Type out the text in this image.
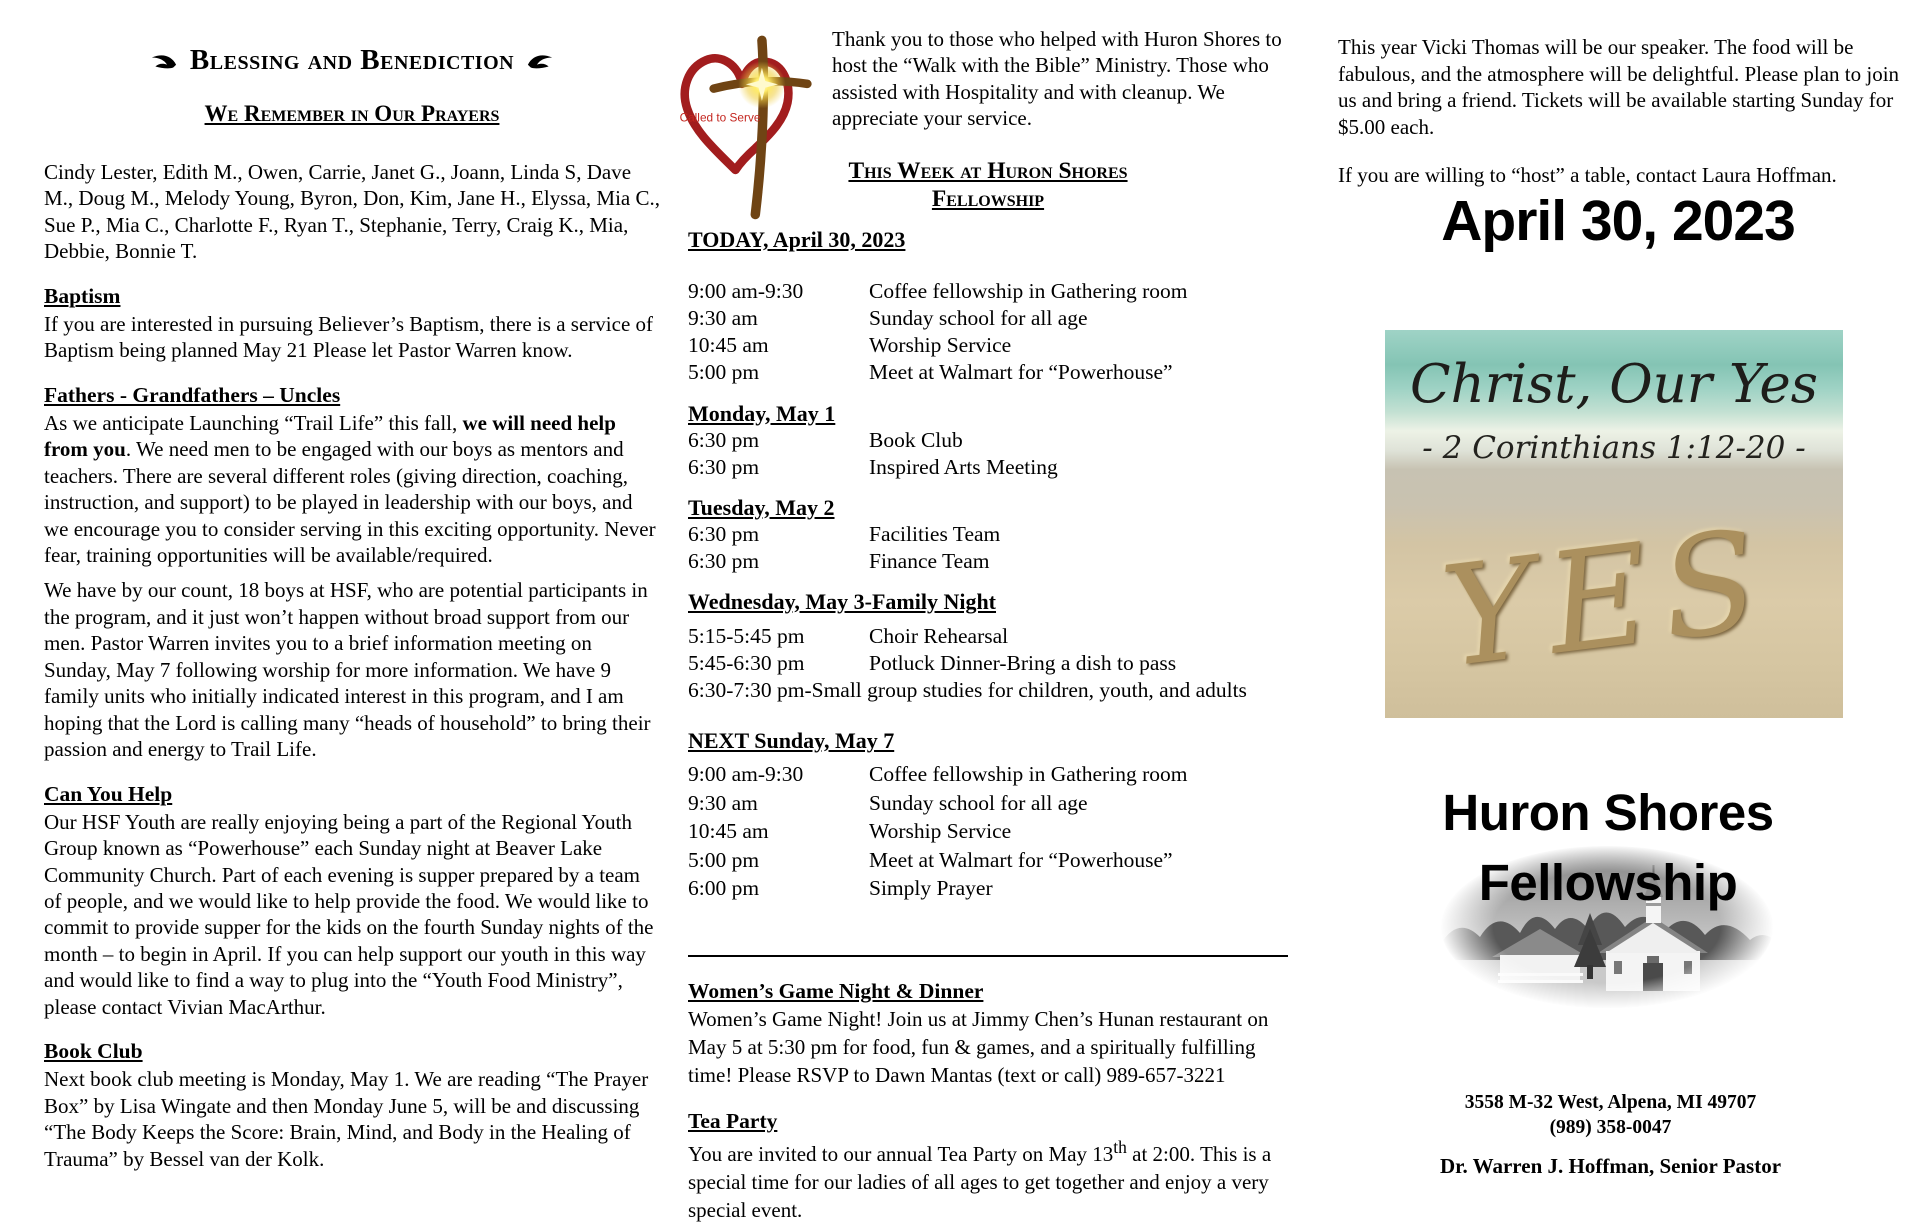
Blessing and Benediction
We Remember in Our Prayers

Cindy Lester, Edith M., Owen, Carrie, Janet G., Joann, Linda S, Dave M., Doug M., Melody Young, Byron, Don, Kim, Jane H., Elyssa, Mia C., Sue P., Mia C., Charlotte F., Ryan T., Stephanie, Terry, Craig K., Mia, Debbie, Bonnie T.

Baptism

If you are interested in pursuing Believer’s Baptism, there is a service of Baptism being planned May 21 Please let Pastor Warren know.

Fathers - Grandfathers – Uncles

As we anticipate Launching “Trail Life” this fall, we will need help from you. We need men to be engaged with our boys as mentors and teachers. There are several different roles (giving direction, coaching, instruction, and support) to be played in leadership with our boys, and we encourage you to consider serving in this exciting opportunity. Never fear, training opportunities will be available/required.

We have by our count, 18 boys at HSF, who are potential participants in the program, and it just won’t happen without broad support from our men. Pastor Warren invites you to a brief information meeting on Sunday, May 7 following worship for more information. We have 9 family units who initially indicated interest in this program, and I am hoping that the Lord is calling many “heads of household” to bring their passion and energy to Trail Life.

Can You Help

Our HSF Youth are really enjoying being a part of the Regional Youth Group known as “Powerhouse” each Sunday night at Beaver Lake Community Church. Part of each evening is supper prepared by a team of people, and we would like to help provide the food. We would like to commit to provide supper for the kids on the fourth Sunday nights of the month – to begin in April. If you can help support our youth in this way and would like to find a way to plug into the “Youth Food Ministry”, please contact Vivian MacArthur.

Book Club

Next book club meeting is Monday, May 1. We are reading “The Prayer Box” by Lisa Wingate and then Monday June 5, will be and discussing “The Body Keeps the Score: Brain, Mind, and Body in the Healing of Trauma” by Bessel van der Kolk.

Called to Serve

Thank you to those who helped with Huron Shores to host the “Walk with the Bible” Ministry. Those who assisted with Hospitality and with cleanup. We appreciate your service.

This Week at Huron Shores
Fellowship
TODAY, April 30, 2023
9:00 am-9:30	Coffee fellowship in Gathering room
9:30 am	Sunday school for all age
10:45 am	Worship Service
5:00 pm	Meet at Walmart for “Powerhouse”
Monday, May 1
6:30 pm	Book Club
6:30 pm	Inspired Arts Meeting
Tuesday, May 2
6:30 pm	Facilities Team
6:30 pm	Finance Team
Wednesday, May 3-Family Night
5:15-5:45 pm	Choir Rehearsal
5:45-6:30 pm	Potluck Dinner-Bring a dish to pass
6:30-7:30 pm-Small group studies for children, youth, and adults
NEXT Sunday, May 7
9:00 am-9:30	Coffee fellowship in Gathering room
9:30 am	Sunday school for all age
10:45 am	Worship Service
5:00 pm	Meet at Walmart for “Powerhouse”
6:00 pm	Simply Prayer
Women’s Game Night & Dinner

Women’s Game Night! Join us at Jimmy Chen’s Hunan restaurant on May 5 at 5:30 pm for food, fun & games, and a spiritually fulfilling time! Please RSVP to Dawn Mantas (text or call) 989-657-3221

Tea Party

You are invited to our annual Tea Party on May 13th at 2:00. This is a special time for our ladies of all ages to get together and enjoy a very special event.

This year Vicki Thomas will be our speaker. The food will be fabulous, and the atmosphere will be delightful. Please plan to join us and bring a friend. Tickets will be available starting Sunday for $5.00 each.

If you are willing to “host” a table, contact Laura Hoffman.

April 30, 2023
Christ, Our Yes
- 2 Corinthians 1:12-20 -
YES
Huron Shores
Fellowship
3558 M-32 West, Alpena, MI 49707
(989) 358-0047
Dr. Warren J. Hoffman, Senior Pastor
